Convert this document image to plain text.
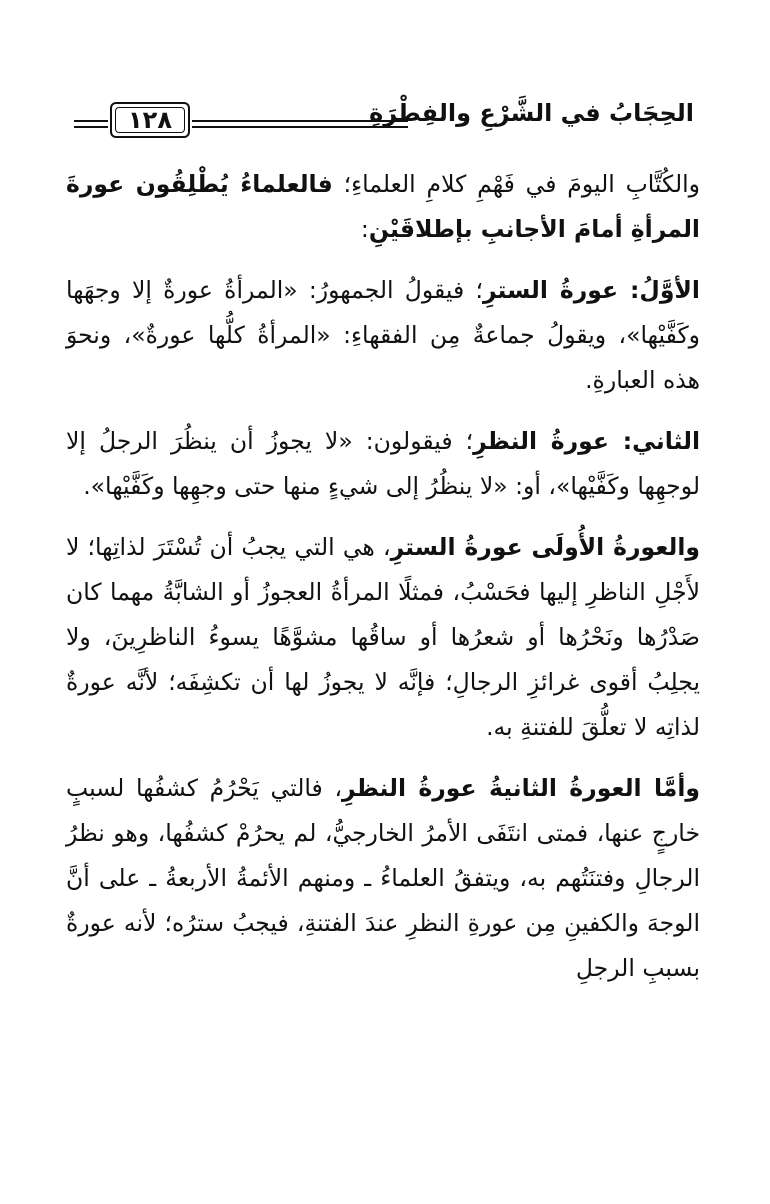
الحِجَابُ في الشَّرْعِ والفِطْرَةِ
١٢٨

والكُتَّابِ اليومَ في فَهْمِ كلامِ العلماءِ؛ فالعلماءُ يُطْلِقُون عورةَ المرأةِ أمامَ الأجانبِ بإطلاقَيْنِ:

الأوَّلُ: عورةُ السترِ؛ فيقولُ الجمهورُ: «المرأةُ عورةٌ إلا وجهَها وكَفَّيْها»، ويقولُ جماعةٌ مِن الفقهاءِ: «المرأةُ كلُّها عورةٌ»، ونحوَ هذه العبارةِ.

الثاني: عورةُ النظرِ؛ فيقولون: «لا يجوزُ أن ينظُرَ الرجلُ إلا لوجهِها وكَفَّيْها»، أو: «لا ينظُرُ إلى شيءٍ منها حتى وجهِها وكَفَّيْها».

والعورةُ الأُولَى عورةُ السترِ، هي التي يجبُ أن تُسْتَرَ لذاتِها؛ لا لأَجْلِ الناظرِ إليها فحَسْبُ، فمثلًا المرأةُ العجوزُ أو الشابَّةُ مهما كان صَدْرُها ونَحْرُها أو شعرُها أو ساقُها مشوَّهًا يسوءُ الناظرِينَ، ولا يجلِبُ أقوى غرائزِ الرجالِ؛ فإنَّه لا يجوزُ لها أن تكشِفَه؛ لأنَّه عورةٌ لذاتِه لا تعلُّقَ للفتنةِ به.

وأمَّا العورةُ الثانيةُ عورةُ النظرِ، فالتي يَحْرُمُ كشفُها لسببٍ خارجٍ عنها، فمتى انتَفَى الأمرُ الخارجيُّ، لم يحرُمْ كشفُها، وهو نظرُ الرجالِ وفتنَتُهم به، ويتفقُ العلماءُ ـ ومنهم الأئمةُ الأربعةُ ـ على أنَّ الوجهَ والكفينِ مِن عورةِ النظرِ عندَ الفتنةِ، فيجبُ سترُه؛ لأنه عورةٌ بسببِ الرجلِ
